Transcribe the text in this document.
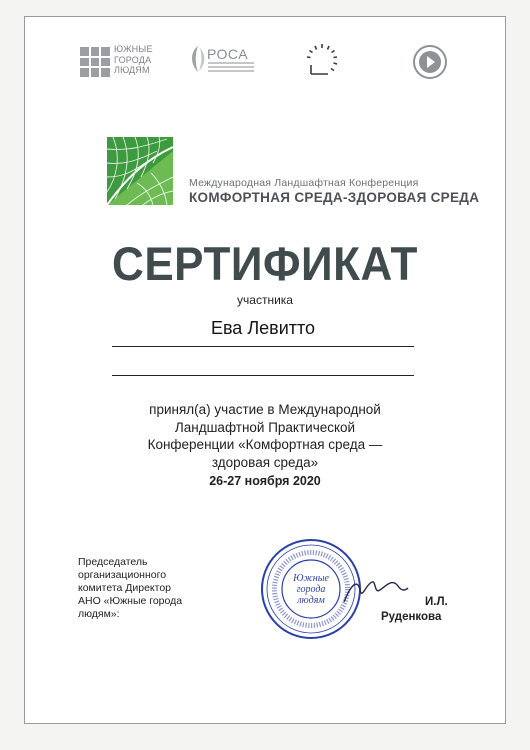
ЮЖНЫЕ
ГОРОДА
ЛЮДЯМ
РОСА
Международная Ландшафтная Конференция
КОМФОРТНАЯ СРЕДА-ЗДОРОВАЯ СРЕДА
СЕРТИФИКАТ
участника
Ева Левитто
принял(а) участие в Международной
Ландшафтной Практической
Конференции «Комфортная среда —
здоровая среда»
26-27 ноября 2020
Председатель
организационного
комитета Директор
АНО «Южные города
людям»:
Южные
города
людям	И.Л.
Руденкова
